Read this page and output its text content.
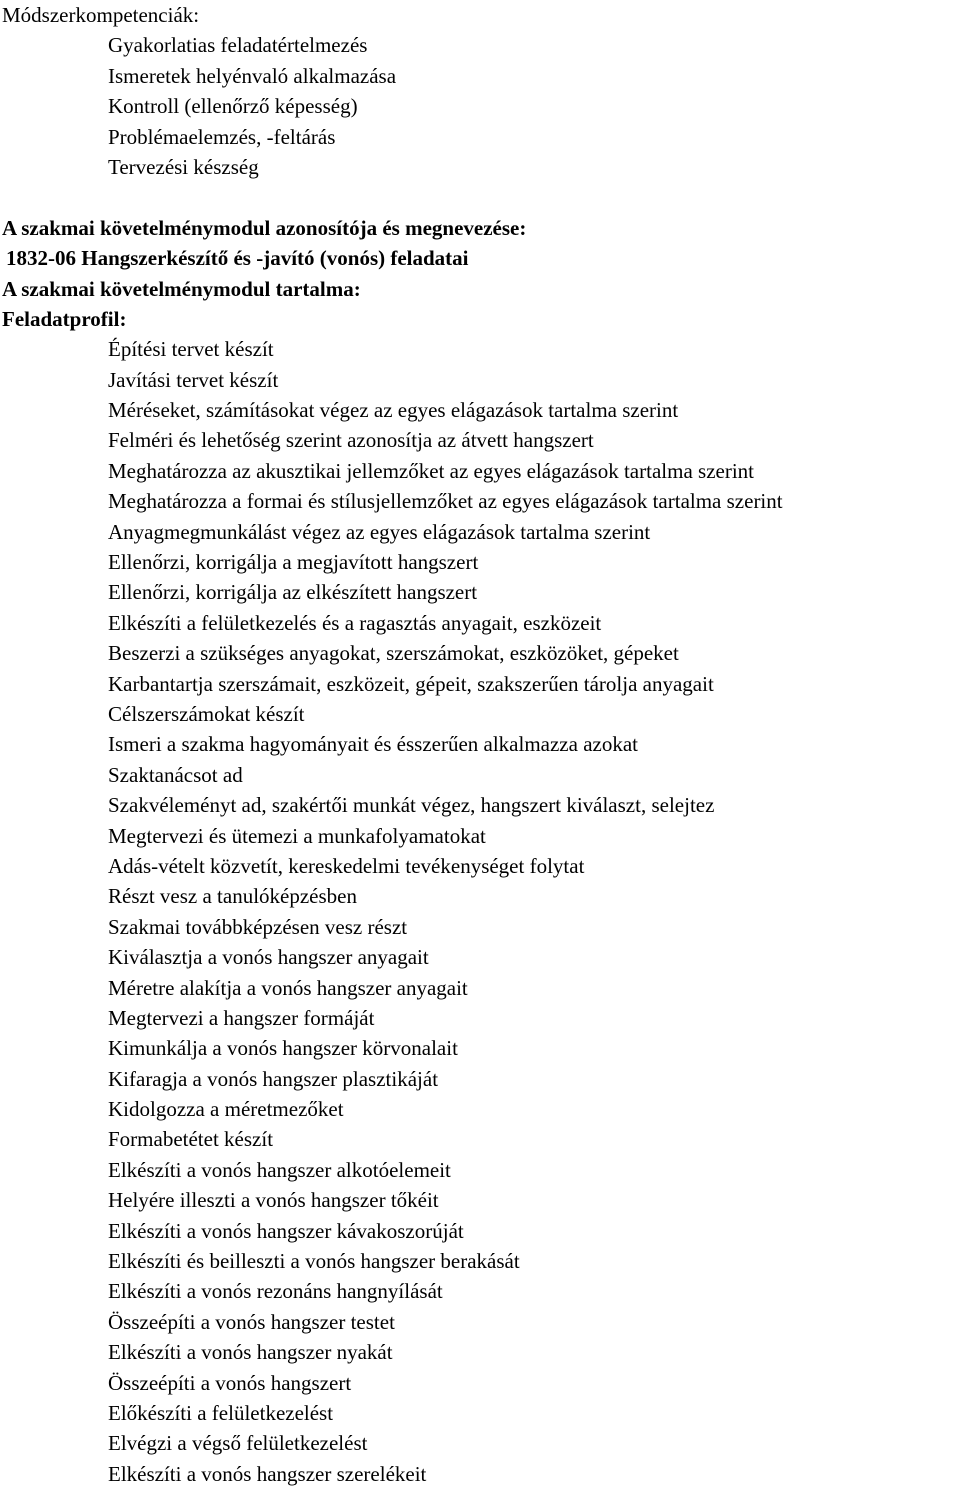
Módszerkompetenciák:
Gyakorlatias feladatértelmezés
Ismeretek helyénvaló alkalmazása
Kontroll (ellenőrző képesség)
Problémaelemzés, -feltárás
Tervezési készség
A szakmai követelménymodul azonosítója és megnevezése:
1832-06 Hangszerkészítő és -javító (vonós) feladatai
A szakmai követelménymodul tartalma:
Feladatprofil:
Építési tervet készít
Javítási tervet készít
Méréseket, számításokat végez az egyes elágazások tartalma szerint
Felméri és lehetőség szerint azonosítja az átvett hangszert
Meghatározza az akusztikai jellemzőket az egyes elágazások tartalma szerint
Meghatározza a formai és stílusjellemzőket az egyes elágazások tartalma szerint
Anyagmegmunkálást végez az egyes elágazások tartalma szerint
Ellenőrzi, korrigálja a megjavított hangszert
Ellenőrzi, korrigálja az elkészített hangszert
Elkészíti a felületkezelés és a ragasztás anyagait, eszközeit
Beszerzi a szükséges anyagokat, szerszámokat, eszközöket, gépeket
Karbantartja szerszámait, eszközeit, gépeit, szakszerűen tárolja anyagait
Célszerszámokat készít
Ismeri a szakma hagyományait és ésszerűen alkalmazza azokat
Szaktanácsot ad
Szakvéleményt ad, szakértői munkát végez, hangszert kiválaszt, selejtez
Megtervezi és ütemezi a munkafolyamatokat
Adás-vételt közvetít, kereskedelmi tevékenységet folytat
Részt vesz a tanulóképzésben
Szakmai továbbképzésen vesz részt
Kiválasztja a vonós hangszer anyagait
Méretre alakítja a vonós hangszer anyagait
Megtervezi a hangszer formáját
Kimunkálja a vonós hangszer körvonalait
Kifaragja a vonós hangszer plasztikáját
Kidolgozza a méretmezőket
Formabetétet készít
Elkészíti a vonós hangszer alkotóelemeit
Helyére illeszti a vonós hangszer tőkéit
Elkészíti a vonós hangszer kávakoszorúját
Elkészíti és beilleszti a vonós hangszer berakását
Elkészíti a vonós rezonáns hangnyílását
Összeépíti a vonós hangszer testet
Elkészíti a vonós hangszer nyakát
Összeépíti a vonós hangszert
Előkészíti a felületkezelést
Elvégzi a végső felületkezelést
Elkészíti a vonós hangszer szerelékeit
